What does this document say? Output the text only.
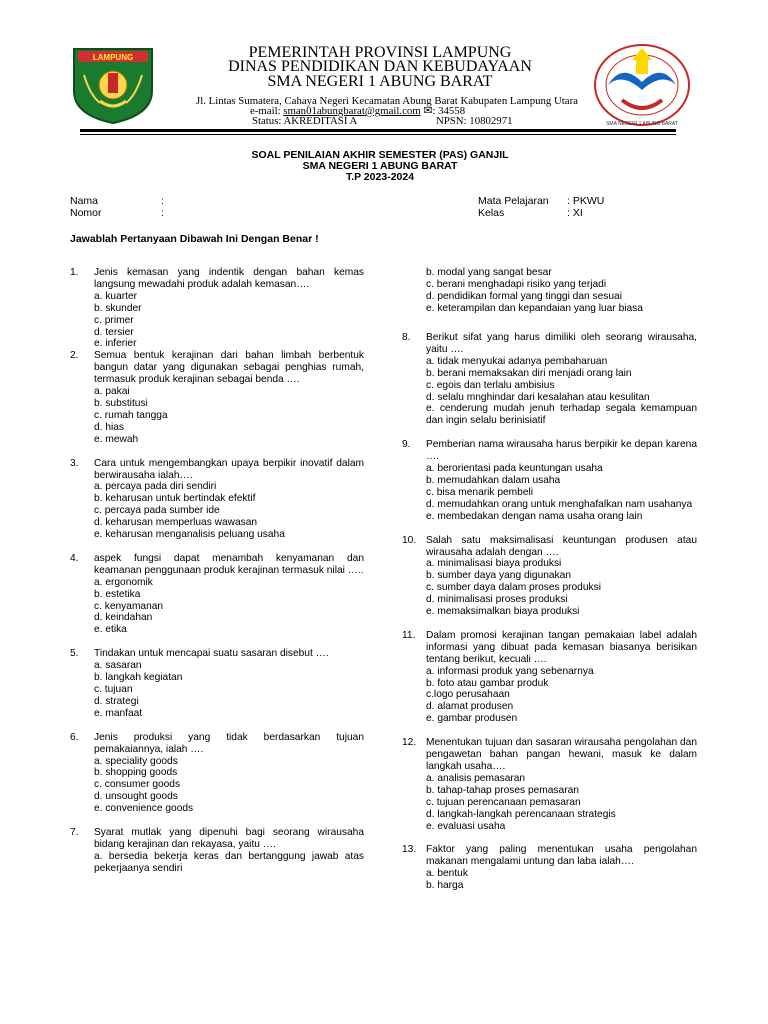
LAMPUNG	PEMERINTAH PROVINSI LAMPUNG
DINAS PENDIDIKAN DAN KEBUDAYAAN
SMA NEGERI 1 ABUNG BARAT
Jl. Lintas Sumatera, Cahaya Negeri Kecamatan Abung Barat Kabupaten Lampung Utara
e-mail: sman01abungbarat@gmail.com ✉: 34558
Status: AKREDITASI A	NPSN: 10802971	SMA NEGERI 1 ABUNG BARAT
SOAL PENILAIAN AKHIR SEMESTER (PAS) GANJIL
SMA NEGERI 1 ABUNG BARAT
T.P 2023-2024
Nama	:
Nomor	:
Mata Pelajaran : PKWU
Kelas	: XI
Jawablah Pertanyaan Dibawah Ini Dengan Benar !
1. Jenis kemasan yang indentik dengan bahan kemas langsung mewadahi produk adalah kemasan….
a. kuarter
b. skunder
c. primer
d. tersier
e. inferier
2. Semua bentuk kerajinan dari bahan limbah berbentuk bangun datar yang digunakan sebagai penghias rumah, termasuk produk kerajinan sebagai benda ….
a. pakai
b. substitusi
c. rumah tangga
d. hias
e. mewah
3. Cara untuk mengembangkan upaya berpikir inovatif dalam berwirausaha ialah….
a. percaya pada diri sendiri
b. keharusan untuk bertindak efektif
c. percaya pada sumber ide
d. keharusan memperluas wawasan
e. keharusan menganalisis peluang usaha
4. aspek fungsi dapat menambah kenyamanan dan keamanan penggunaan produk kerajinan termasuk nilai …..
a. ergonomik
b. estetika
c. kenyamanan
d. keindahan
e. etika
5. Tindakan untuk mencapai suatu sasaran disebut ….
a. sasaran
b. langkah kegiatan
c. tujuan
d. strategi
e. manfaat
6. Jenis produksi yang tidak berdasarkan tujuan pemakaiannya, ialah ….
a. speciality goods
b. shopping goods
c. consumer goods
d. unsought goods
e. convenience goods
7. Syarat mutlak yang dipenuhi bagi seorang wirausaha bidang kerajinan dan rekayasa, yaitu ….
a. bersedia bekerja keras dan bertanggung jawab atas pekerjaanya sendiri
8. Berikut sifat yang harus dimiliki oleh seorang wirausaha, yaitu ….
a. tidak menyukai adanya pembaharuan
b. berani memaksakan diri menjadi orang lain
c. egois dan terlalu ambisius
d. selalu mnghindar dari kesalahan atau kesulitan
e. cenderung mudah jenuh terhadap segala kemampuan dan ingin selalu berinisiatif
9. Pemberian nama wirausaha harus berpikir ke depan karena ….
a. berorientasi pada keuntungan usaha
b. memudahkan dalam usaha
c. bisa menarik pembeli
d. memudahkan orang untuk menghafalkan nam usahanya
e. membedakan dengan nama usaha orang lain
10. Salah satu maksimalisasi keuntungan produsen atau wirausaha adalah dengan ….
a. minimalisasi biaya produksi
b. sumber daya yang digunakan
c. sumber daya dalam proses produksi
d. minimalisasi proses produksi
e. memaksimalkan biaya produksi
11. Dalam promosi kerajinan tangan pemakaian label adalah informasi yang dibuat pada kemasan biasanya berisikan tentang berikut, kecuali ….
a. informasi produk yang sebenarnya
b. foto atau gambar produk
c.logo perusahaan
d. alamat produsen
e. gambar produsen
12. Menentukan tujuan dan sasaran wirausaha pengolahan dan pengawetan bahan pangan hewani, masuk ke dalam langkah usaha….
a. analisis pemasaran
b. tahap-tahap proses pemasaran
c. tujuan perencanaan pemasaran
d. langkah-langkah perencanaan strategis
e. evaluasi usaha
13. Faktor yang paling menentukan usaha pengolahan makanan mengalami untung dan laba ialah….
a. bentuk
b. harga
b. modal yang sangat besar
c. berani menghadapi risiko yang terjadi
d. pendidikan formal yang tinggi dan sesuai
e. keterampilan dan kepandaian yang luar biasa
